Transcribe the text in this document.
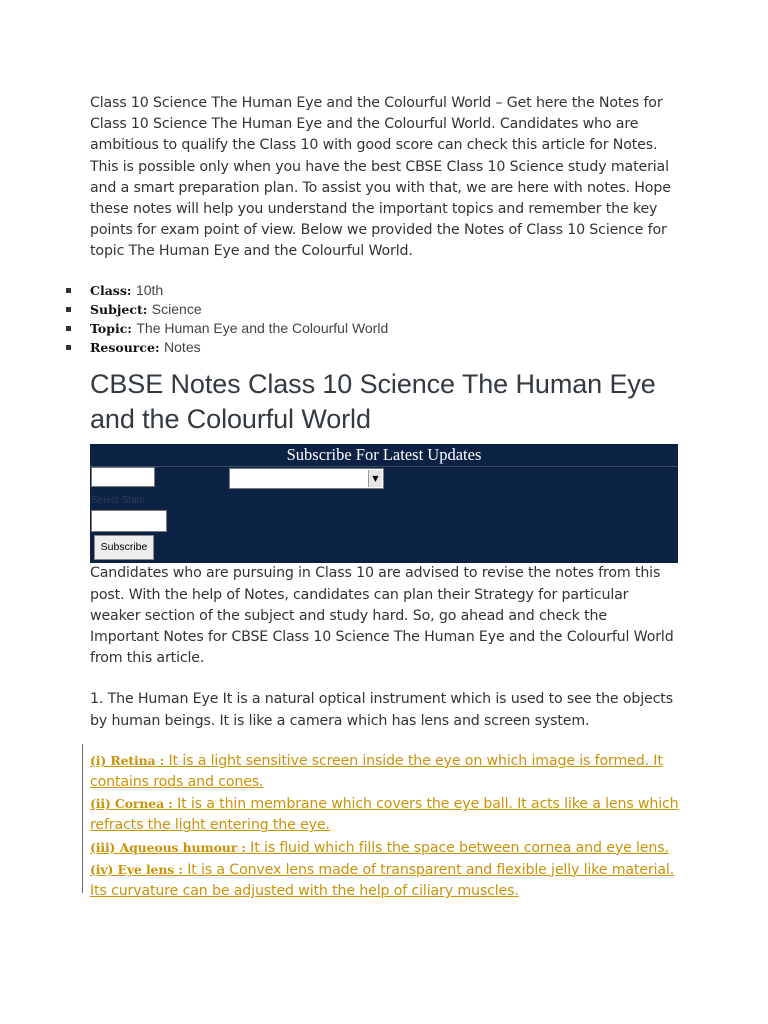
Class 10 Science The Human Eye and the Colourful World – Get here the Notes for Class 10 Science The Human Eye and the Colourful World. Candidates who are ambitious to qualify the Class 10 with good score can check this article for Notes. This is possible only when you have the best CBSE Class 10 Science study material and a smart preparation plan. To assist you with that, we are here with notes. Hope these notes will help you understand the important topics and remember the key points for exam point of view. Below we provided the Notes of Class 10 Science for topic The Human Eye and the Colourful World.

Class: 10th
Subject: Science
Topic: The Human Eye and the Colourful World
Resource: Notes
CBSE Notes Class 10 Science The Human Eye and the Colourful World
Subscribe For Latest Updates
▼
Select State
Subscribe

Candidates who are pursuing in Class 10 are advised to revise the notes from this post. With the help of Notes, candidates can plan their Strategy for particular weaker section of the subject and study hard. So, go ahead and check the Important Notes for CBSE Class 10 Science The Human Eye and the Colourful World from this article.

1. The Human Eye It is a natural optical instrument which is used to see the objects by human beings. It is like a camera which has lens and screen system.

(i) Retina : It is a light sensitive screen inside the eye on which image is formed. It contains rods and cones.
(ii) Cornea : It is a thin membrane which covers the eye ball. It acts like a lens which refracts the light entering the eye.
(iii) Aqueous humour : It is fluid which fills the space between cornea and eye lens.
(iv) Eye lens : It is a Convex lens made of transparent and flexible jelly like material. Its curvature can be adjusted with the help of ciliary muscles.
